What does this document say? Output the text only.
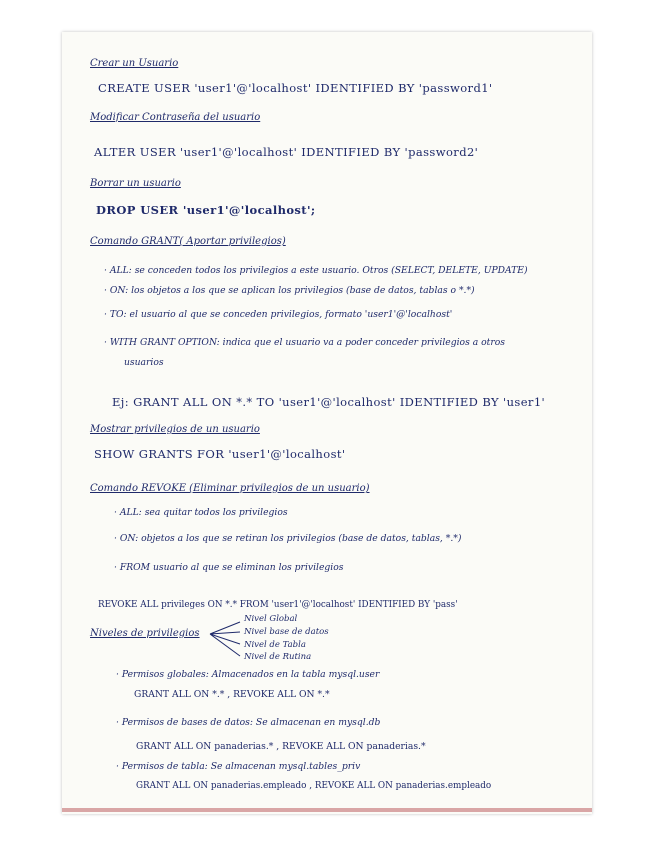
Crear un Usuario
CREATE USER 'user1'@'localhost' IDENTIFIED BY 'password1'
Modificar Contraseña del usuario
ALTER USER 'user1'@'localhost' IDENTIFIED BY 'password2'
Borrar un usuario
DROP USER 'user1'@'localhost';
Comando GRANT( Aportar privilegios)
· ALL: se conceden todos los privilegios a este usuario. Otros (SELECT, DELETE, UPDATE)
· ON: los objetos a los que se aplican los privilegios (base de datos, tablas o *.*)
· TO: el usuario al que se conceden privilegios, formato 'user1'@'localhost'
· WITH GRANT OPTION: indica que el usuario va a poder conceder privilegios a otros
usuarios
Ej: GRANT ALL ON *.* TO 'user1'@'localhost' IDENTIFIED BY 'user1'
Mostrar privilegios de un usuario
SHOW GRANTS FOR 'user1'@'localhost'
Comando REVOKE (Eliminar privilegios de un usuario)
· ALL: sea quitar todos los privilegios
· ON: objetos a los que se retiran los privilegios (base de datos, tablas, *.*)
· FROM usuario al que se eliminan los privilegios
REVOKE ALL privileges ON *.* FROM 'user1'@'localhost' IDENTIFIED BY 'pass'
Niveles de privilegios
Nivel Global
Nivel base de datos
Nivel de Tabla
Nivel de Rutina
· Permisos globales: Almacenados en la tabla mysql.user
GRANT ALL ON *.* , REVOKE ALL ON *.*
· Permisos de bases de datos: Se almacenan en mysql.db
GRANT ALL ON panaderias.* , REVOKE ALL ON panaderias.*
· Permisos de tabla: Se almacenan mysql.tables_priv
GRANT ALL ON panaderias.empleado , REVOKE ALL ON panaderias.empleado
